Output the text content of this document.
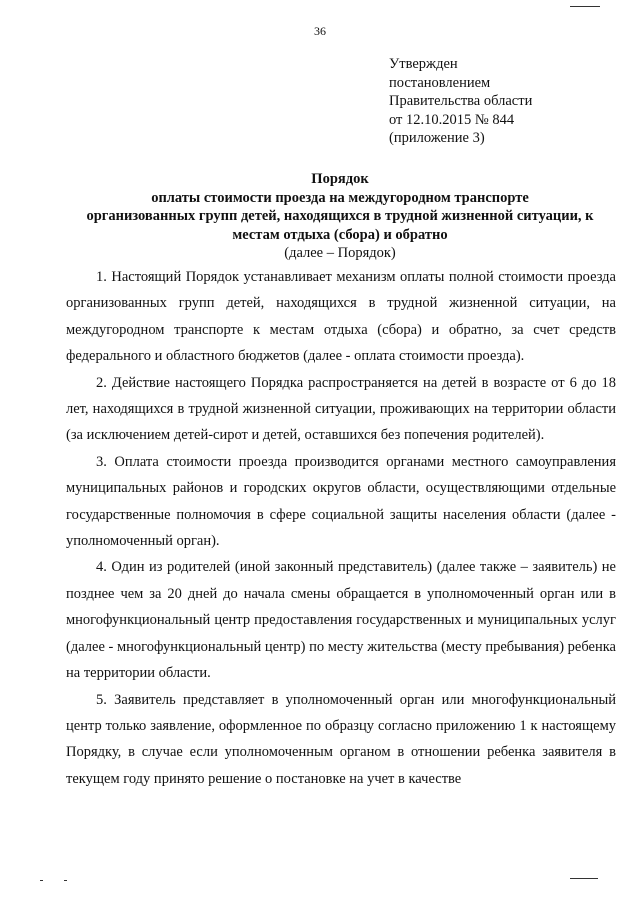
36
Утвержден
постановлением
Правительства области
от 12.10.2015 № 844
(приложение 3)
Порядок
оплаты стоимости проезда на междугородном транспорте
организованных групп детей, находящихся в трудной жизненной ситуации, к
местам отдыха (сбора) и обратно
(далее – Порядок)

1. Настоящий Порядок устанавливает механизм оплаты полной стоимости проезда организованных групп детей, находящихся в трудной жизненной ситуации, на междугородном транспорте к местам отдыха (сбора) и обратно, за счет средств федерального и областного бюджетов (далее - оплата стоимости проезда).

2. Действие настоящего Порядка распространяется на детей в возрасте от 6 до 18 лет, находящихся в трудной жизненной ситуации, проживающих на территории области (за исключением детей-сирот и детей, оставшихся без попечения родителей).

3. Оплата стоимости проезда производится органами местного самоуправления муниципальных районов и городских округов области, осуществляющими отдельные государственные полномочия в сфере социальной защиты населения области (далее - уполномоченный орган).

4. Один из родителей (иной законный представитель) (далее также – заявитель) не позднее чем за 20 дней до начала смены обращается в уполномоченный орган или в многофункциональный центр предоставления государственных и муниципальных услуг (далее - многофункциональный центр) по месту жительства (месту пребывания) ребенка на территории области.

5. Заявитель представляет в уполномоченный орган или многофункциональный центр только заявление, оформленное по образцу согласно приложению 1 к настоящему Порядку, в случае если уполномоченным органом в отношении ребенка заявителя в текущем году принято решение о постановке на учет в качестве
